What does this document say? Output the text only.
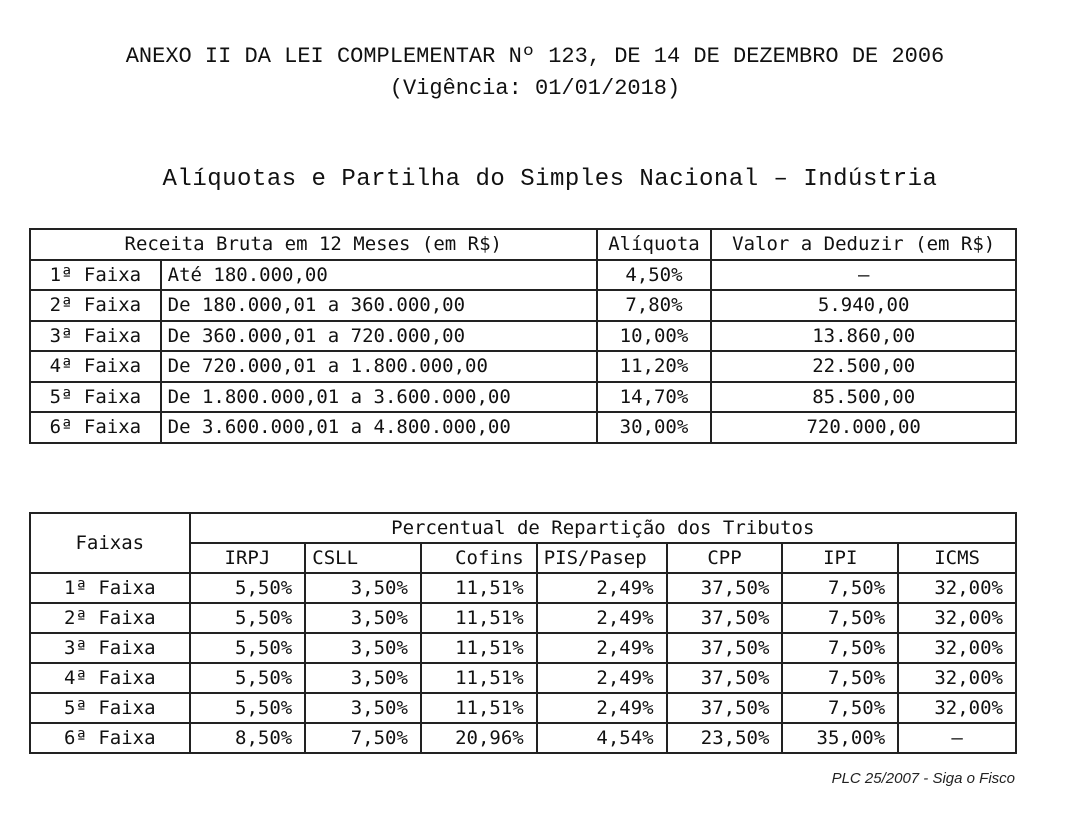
ANEXO II DA LEI COMPLEMENTAR Nº 123, DE 14 DE DEZEMBRO DE 2006
(Vigência: 01/01/2018)
Alíquotas e Partilha do Simples Nacional – Indústria
Receita Bruta em 12 Meses (em R$)		Alíquota	Valor a Deduzir (em R$)
1ª Faixa	Até 180.000,00	4,50%	–
2ª Faixa	De 180.000,01 a 360.000,00	7,80%	5.940,00
3ª Faixa	De 360.000,01 a 720.000,00	10,00%	13.860,00
4ª Faixa	De 720.000,01 a 1.800.000,00	11,20%	22.500,00
5ª Faixa	De 1.800.000,01 a 3.600.000,00	14,70%	85.500,00
6ª Faixa	De 3.600.000,01 a 4.800.000,00	30,00%	720.000,00
Faixas	Percentual de Repartição dos Tributos						
	IRPJ	CSLL	Cofins	PIS/Pasep	CPP	IPI	ICMS
1ª Faixa	5,50%	3,50%	11,51%	2,49%	37,50%	7,50%	32,00%
2ª Faixa	5,50%	3,50%	11,51%	2,49%	37,50%	7,50%	32,00%
3ª Faixa	5,50%	3,50%	11,51%	2,49%	37,50%	7,50%	32,00%
4ª Faixa	5,50%	3,50%	11,51%	2,49%	37,50%	7,50%	32,00%
5ª Faixa	5,50%	3,50%	11,51%	2,49%	37,50%	7,50%	32,00%
6ª Faixa	8,50%	7,50%	20,96%	4,54%	23,50%	35,00%	–
PLC 25/2007 - Siga o Fisco
